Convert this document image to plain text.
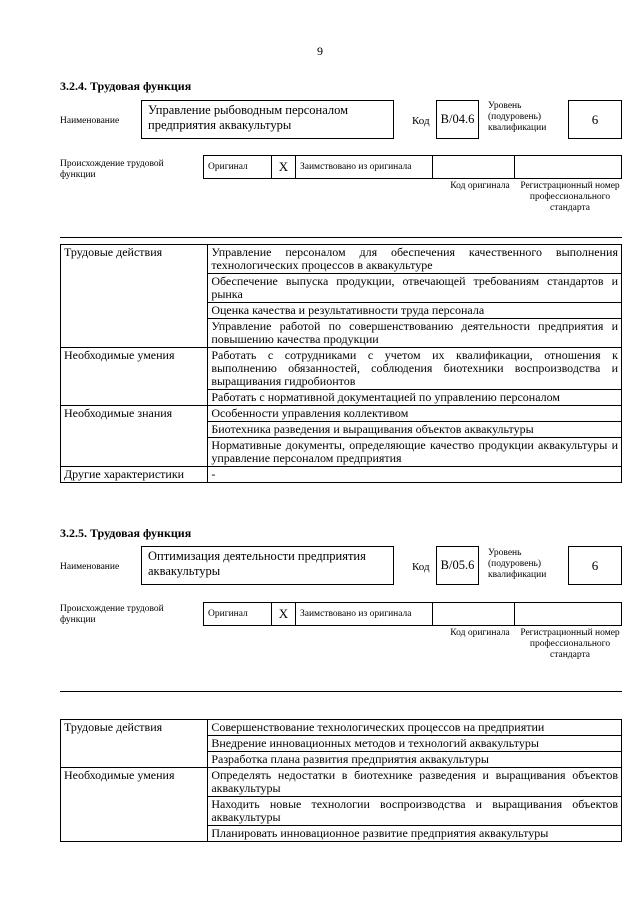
9
3.2.4. Трудовая функция
Наименование
Управление рыбоводным персоналом предприятия аквакультуры	Код B/04.6
Уровень (подуровень) квалификации
6
Происхождение трудовой функции
Оригинал	X	Заимствовано из оригинала
Код оригинала	Регистрационный номер профессионального стандарта
Трудовые действия	Управление персоналом для обеспечения качественного выполнения технологических процессов в аквакультуре
	Обеспечение выпуска продукции, отвечающей требованиям стандартов и рынка
	Оценка качества и результативности труда персонала
	Управление работой по совершенствованию деятельности предприятия и повышению качества продукции
Необходимые умения	Работать с сотрудниками с учетом их квалификации, отношения к выполнению обязанностей, соблюдения биотехники воспроизводства и выращивания гидробионтов
	Работать с нормативной документацией по управлению персоналом
Необходимые знания	Особенности управления коллективом
	Биотехника разведения и выращивания объектов аквакультуры
	Нормативные документы, определяющие качество продукции аквакультуры и управление персоналом предприятия
Другие характеристики	-
3.2.5. Трудовая функция
Наименование
Оптимизация деятельности предприятия аквакультуры	Код B/05.6
Уровень (подуровень) квалификации
6
Происхождение трудовой функции
Оригинал	X	Заимствовано из оригинала
Код оригинала	Регистрационный номер профессионального стандарта
Трудовые действия	Совершенствование технологических процессов на предприятии
	Внедрение инновационных методов и технологий аквакультуры
	Разработка плана развития предприятия аквакультуры
Необходимые умения	Определять недостатки в биотехнике разведения и выращивания объектов аквакультуры
	Находить новые технологии воспроизводства и выращивания объектов аквакультуры
	Планировать инновационное развитие предприятия аквакультуры
